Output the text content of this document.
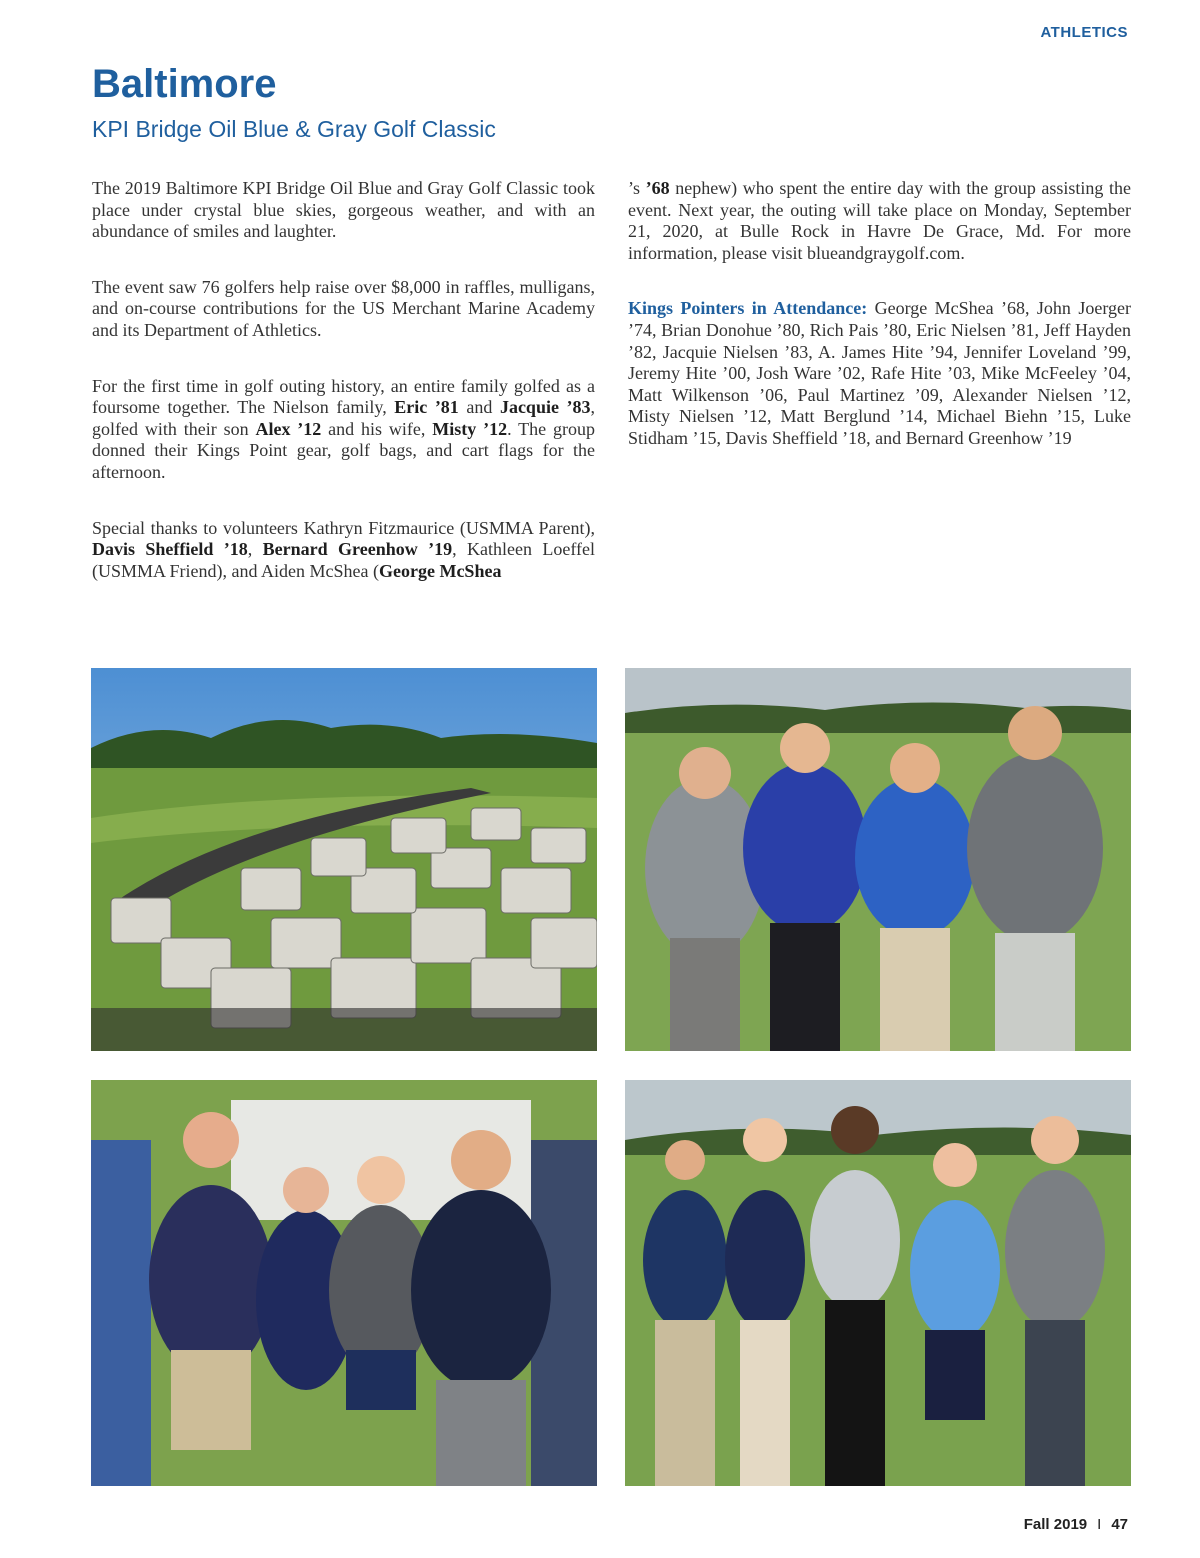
ATHLETICS
Baltimore
KPI Bridge Oil Blue & Gray Golf Classic

The 2019 Baltimore KPI Bridge Oil Blue and Gray Golf Classic took place under crystal blue skies, gorgeous weather, and with an abundance of smiles and laughter.

The event saw 76 golfers help raise over $8,000 in raffles, mulligans, and on-course contributions for the US Merchant Marine Academy and its Department of Athletics.

For the first time in golf outing history, an entire family golfed as a foursome together. The Nielson family, Eric ’81 and Jacquie ’83, golfed with their son Alex ’12 and his wife, Misty ’12. The group donned their Kings Point gear, golf bags, and cart flags for the afternoon.

Special thanks to volunteers Kathryn Fitzmaurice (USMMA Parent), Davis Sheffield ’18, Bernard Greenhow ’19, Kathleen Loeffel (USMMA Friend), and Aiden McShea (George McShea

’s ’68 nephew) who spent the entire day with the group assisting the event. Next year, the outing will take place on Monday, September 21, 2020, at Bulle Rock in Havre De Grace, Md. For more information, please visit blueandgraygolf.com.

Kings Pointers in Attendance: George McShea ’68, John Joerger ’74, Brian Donohue ’80, Rich Pais ’80, Eric Nielsen ’81, Jeff Hayden ’82, Jacquie Nielsen ’83, A. James Hite ’94, Jennifer Loveland ’99, Jeremy Hite ’00, Josh Ware ’02, Rafe Hite ’03, Mike McFeeley ’04, Matt Wilkenson ’06, Paul Martinez ’09, Alexander Nielsen ’12, Misty Nielsen ’12, Matt Berglund ’14, Michael Biehn ’15, Luke Stidham ’15, Davis Sheffield ’18, and Bernard Greenhow ’19

Fall 2019 I 47
